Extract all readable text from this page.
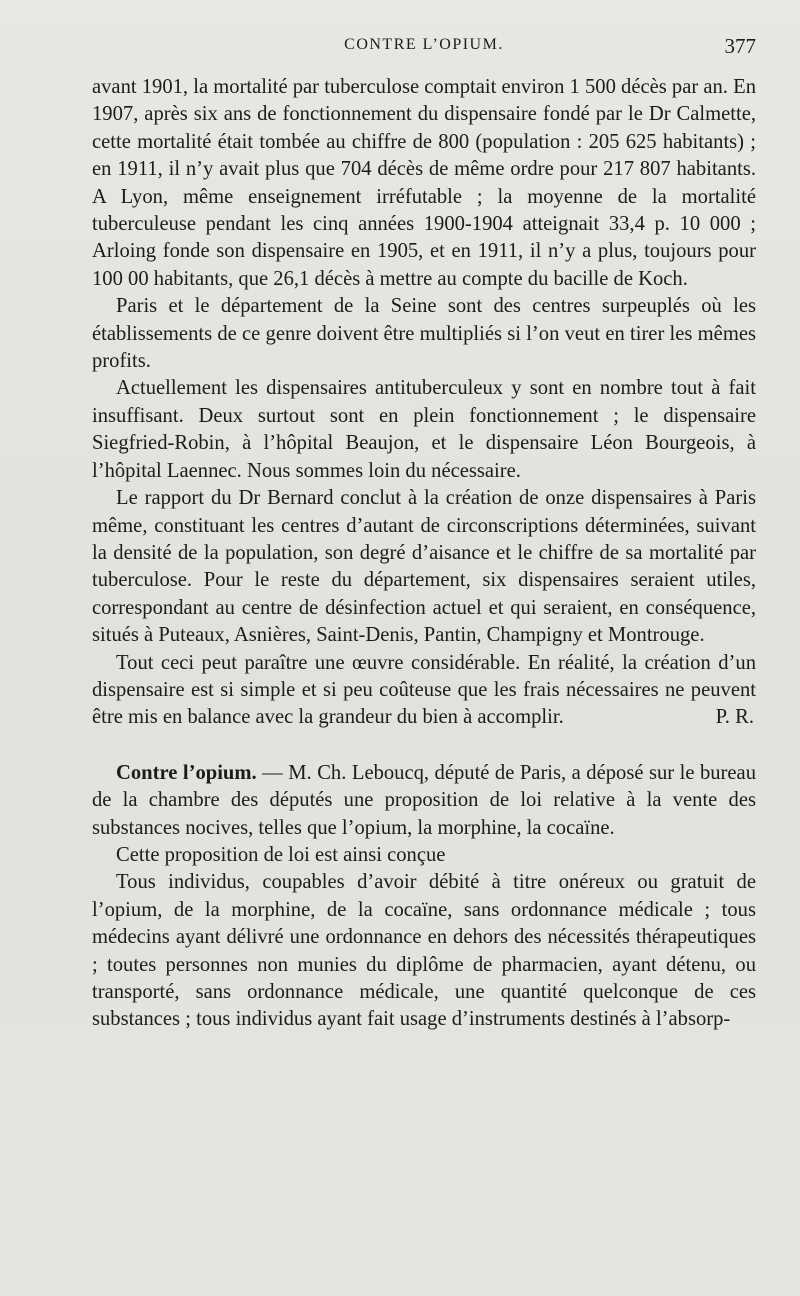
CONTRE L’OPIUM.	377

avant 1901, la mortalité par tuberculose comptait environ 1 500 décès par an. En 1907, après six ans de fonctionnement du dispensaire fondé par le Dr Calmette, cette mortalité était tombée au chiffre de 800 (population : 205 625 habitants) ; en 1911, il n’y avait plus que 704 décès de même ordre pour 217 807 habitants. A Lyon, même enseignement irréfutable ; la moyenne de la mortalité tuberculeuse pendant les cinq années 1900-1904 atteignait 33,4 p. 10 000 ; Arloing fonde son dispensaire en 1905, et en 1911, il n’y a plus, toujours pour 100 00 habitants, que 26,1 décès à mettre au compte du bacille de Koch.

Paris et le département de la Seine sont des centres surpeuplés où les établissements de ce genre doivent être multipliés si l’on veut en tirer les mêmes profits.

Actuellement les dispensaires antituberculeux y sont en nombre tout à fait insuffisant. Deux surtout sont en plein fonctionnement ; le dispensaire Siegfried-Robin, à l’hôpital Beaujon, et le dispensaire Léon Bourgeois, à l’hôpital Laennec. Nous sommes loin du nécessaire.

Le rapport du Dr Bernard conclut à la création de onze dispensaires à Paris même, constituant les centres d’autant de circonscriptions déterminées, suivant la densité de la population, son degré d’aisance et le chiffre de sa mortalité par tuberculose. Pour le reste du département, six dispensaires seraient utiles, correspondant au centre de désinfection actuel et qui seraient, en conséquence, situés à Puteaux, Asnières, Saint-Denis, Pantin, Champigny et Montrouge.

Tout ceci peut paraître une œuvre considérable. En réalité, la création d’un dispensaire est si simple et si peu coûteuse que les frais nécessaires ne peuvent être mis en balance avec la grandeur du bien à accomplir.	P. R.

Contre l’opium. — M. Ch. Leboucq, député de Paris, a déposé sur le bureau de la chambre des députés une proposition de loi relative à la vente des substances nocives, telles que l’opium, la morphine, la cocaïne.

Cette proposition de loi est ainsi conçue

Tous individus, coupables d’avoir débité à titre onéreux ou gratuit de l’opium, de la morphine, de la cocaïne, sans ordonnance médicale ; tous médecins ayant délivré une ordonnance en dehors des nécessités thérapeutiques ; toutes personnes non munies du diplôme de pharmacien, ayant détenu, ou transporté, sans ordonnance médicale, une quantité quelconque de ces substances ; tous individus ayant fait usage d’instruments destinés à l’absorp-
